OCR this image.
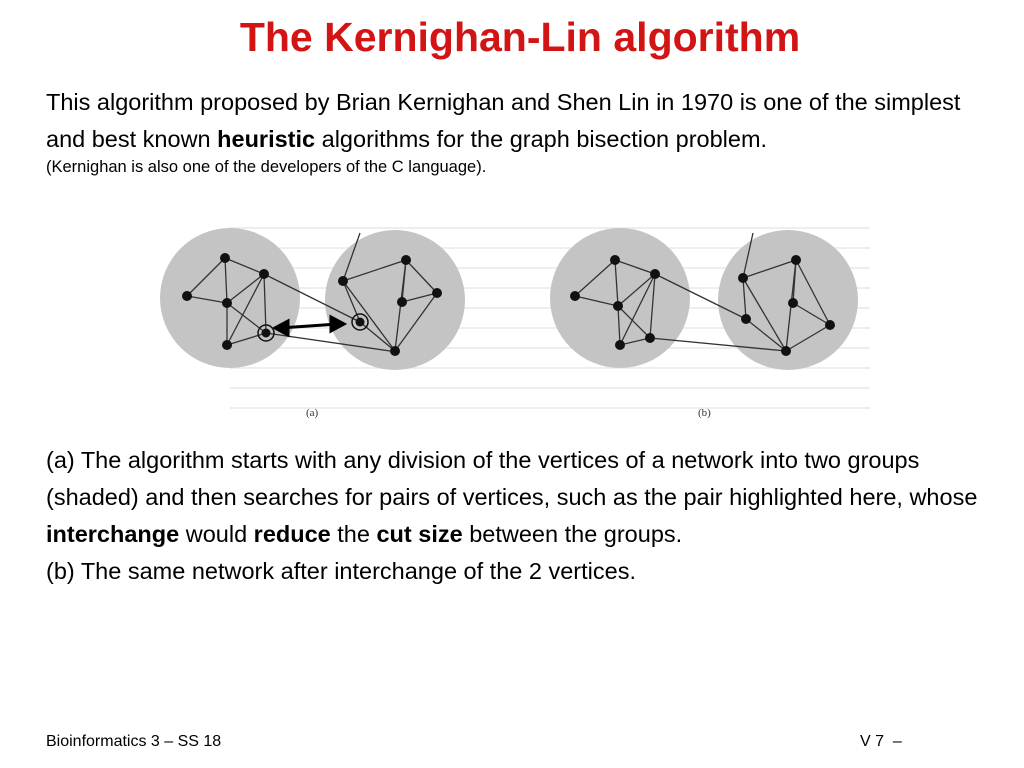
The Kernighan-Lin algorithm
This algorithm proposed by Brian Kernighan and Shen Lin in 1970 is one of the simplest and best known heuristic algorithms for the graph bisection problem.
(Kernighan is also one of the developers of the C language).
(a)	(b)

(a) The algorithm starts with any division of the vertices of a network into two groups (shaded) and then searches for pairs of vertices, such as the pair highlighted here, whose interchange would reduce the cut size between the groups.

(b) The same network after interchange of the 2 vertices.

Bioinformatics 3 – SS 18	V 7  –
